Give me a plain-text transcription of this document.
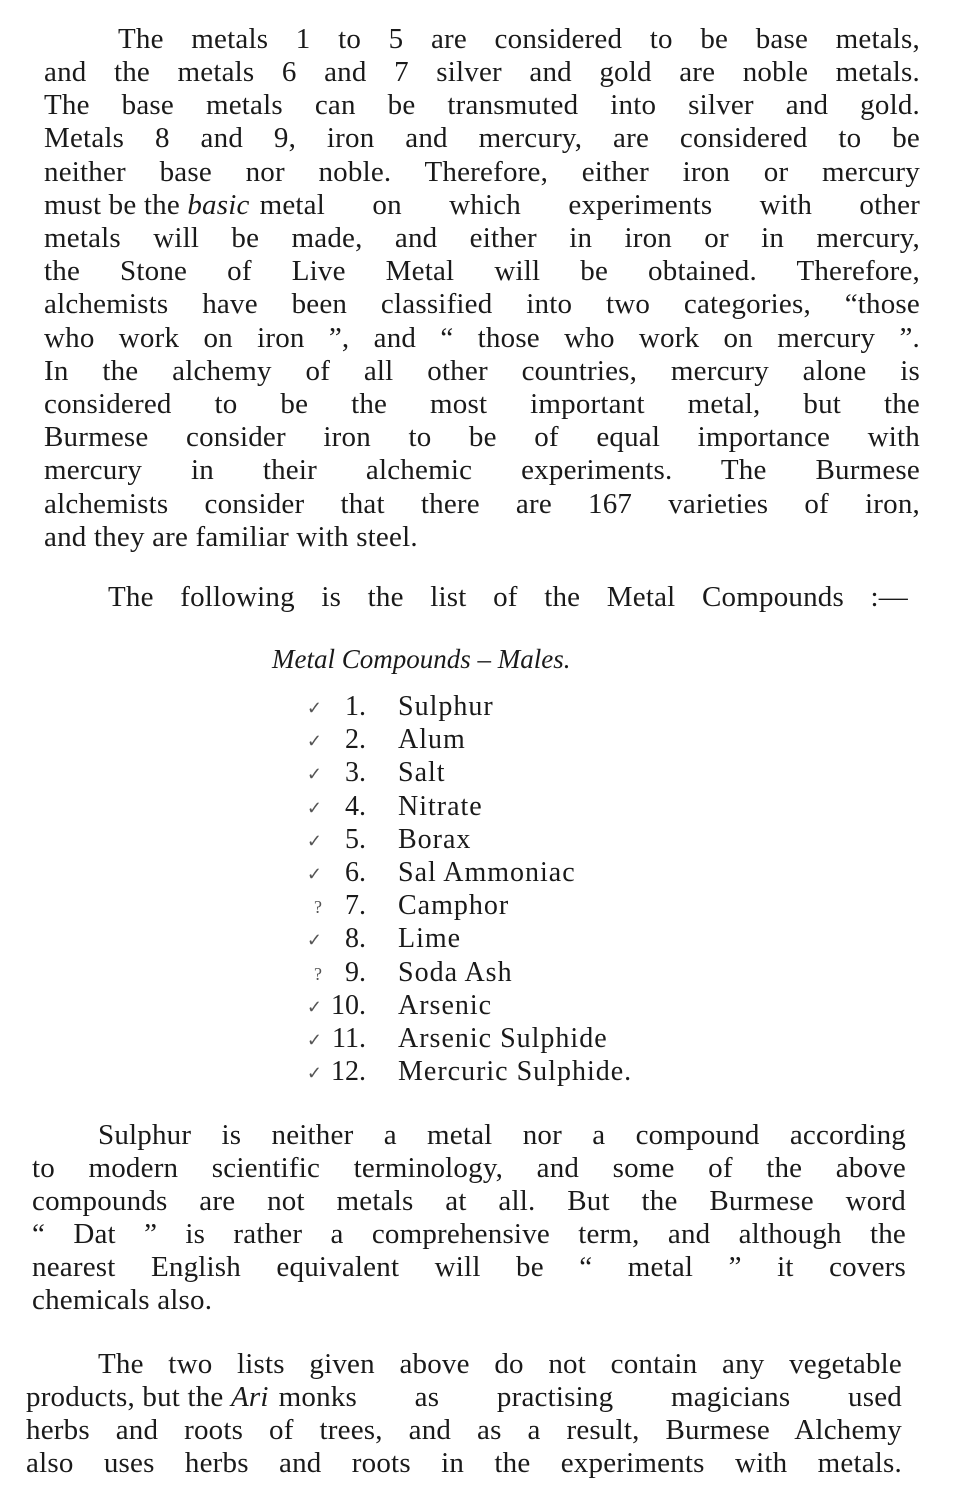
The metals 1 to 5 are considered to be base metals,
and the metals 6 and 7 silver and gold are noble metals.
The base metals can be transmuted into silver and gold.
Metals 8 and 9, iron and mercury, are considered to be
neither base nor noble. Therefore, either iron or mercury
must be the basic metal on which experiments with other
metals will be made, and either in iron or in mercury,
the Stone of Live Metal will be obtained. Therefore,
alchemists have been classified into two categories, “those
who work on iron ”, and “ those who work on mercury ”.
In the alchemy of all other countries, mercury alone is
considered to be the most important metal, but the
Burmese consider iron to be of equal importance with
mercury in their alchemic experiments. The Burmese
alchemists consider that there are 167 varieties of iron,
and they are familiar with steel.
The following is the list of the Metal Compounds :—
Metal Compounds – Males.
✓ 1. Sulphur
✓ 2. Alum
✓ 3. Salt
✓ 4. Nitrate
✓ 5. Borax
✓ 6. Sal Ammoniac
? 7. Camphor
✓ 8. Lime
? 9. Soda Ash
✓ 10. Arsenic
✓ 11. Arsenic Sulphide
✓ 12. Mercuric Sulphide.
Sulphur is neither a metal nor a compound according
to modern scientific terminology, and some of the above
compounds are not metals at all. But the Burmese word
“ Dat ” is rather a comprehensive term, and although the
nearest English equivalent will be “ metal ” it covers
chemicals also.
The two lists given above do not contain any vegetable
products, but the Ari monks as practising magicians used
herbs and roots of trees, and as a result, Burmese Alchemy
also uses herbs and roots in the experiments with metals.
